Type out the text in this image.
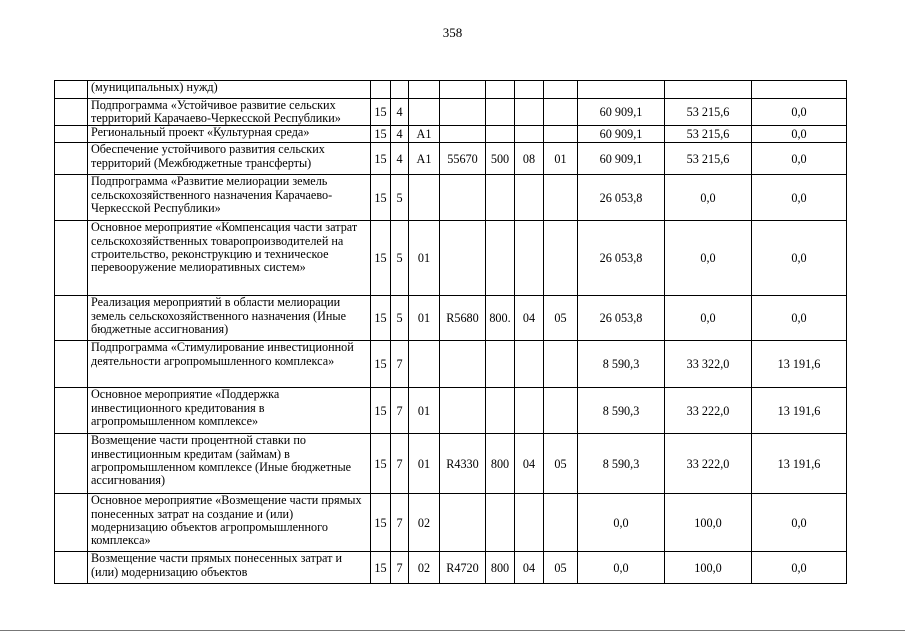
358
	(муниципальных) нужд)										
	Подпрограмма «Устойчивое развитие сельских территорий Карачаево-Черкесской Республики»	15	4						60 909,1	53 215,6	0,0
	Региональный проект «Культурная среда»	15	4	A1					60 909,1	53 215,6	0,0
	Обеспечение устойчивого развития сельских территорий (Межбюджетные трансферты)	15	4	A1	55670	500	08	01	60 909,1	53 215,6	0,0
	Подпрограмма «Развитие мелиорации земель сельскохозяйственного назначения Карачаево-Черкесской Республики»	15	5						26 053,8	0,0	0,0
	Основное мероприятие «Компенсация части затрат сельскохозяйственных товаропроизводителей на строительство, реконструкцию и техническое перевооружение мелиоративных систем»	15	5	01					26 053,8	0,0	0,0
	Реализация мероприятий в области мелиорации земель сельскохозяйственного назначения (Иные бюджетные ассигнования)	15	5	01	R5680	800.	04	05	26 053,8	0,0	0,0
	Подпрограмма «Стимулирование инвестиционной деятельности агропромышленного комплекса»	15	7						8 590,3	33 322,0	13 191,6
	Основное мероприятие «Поддержка инвестиционного кредитования в агропромышленном комплексе»	15	7	01					8 590,3	33 222,0	13 191,6
	Возмещение части процентной ставки по инвестиционным кредитам (займам) в агропромышленном комплексе (Иные бюджетные ассигнования)	15	7	01	R4330	800	04	05	8 590,3	33 222,0	13 191,6
	Основное мероприятие «Возмещение части прямых понесенных затрат на создание и (или) модернизацию объектов агропромышленного комплекса»	15	7	02					0,0	100,0	0,0
	Возмещение части прямых понесенных затрат и (или) модернизацию объектов	15	7	02	R4720	800	04	05	0,0	100,0	0,0
